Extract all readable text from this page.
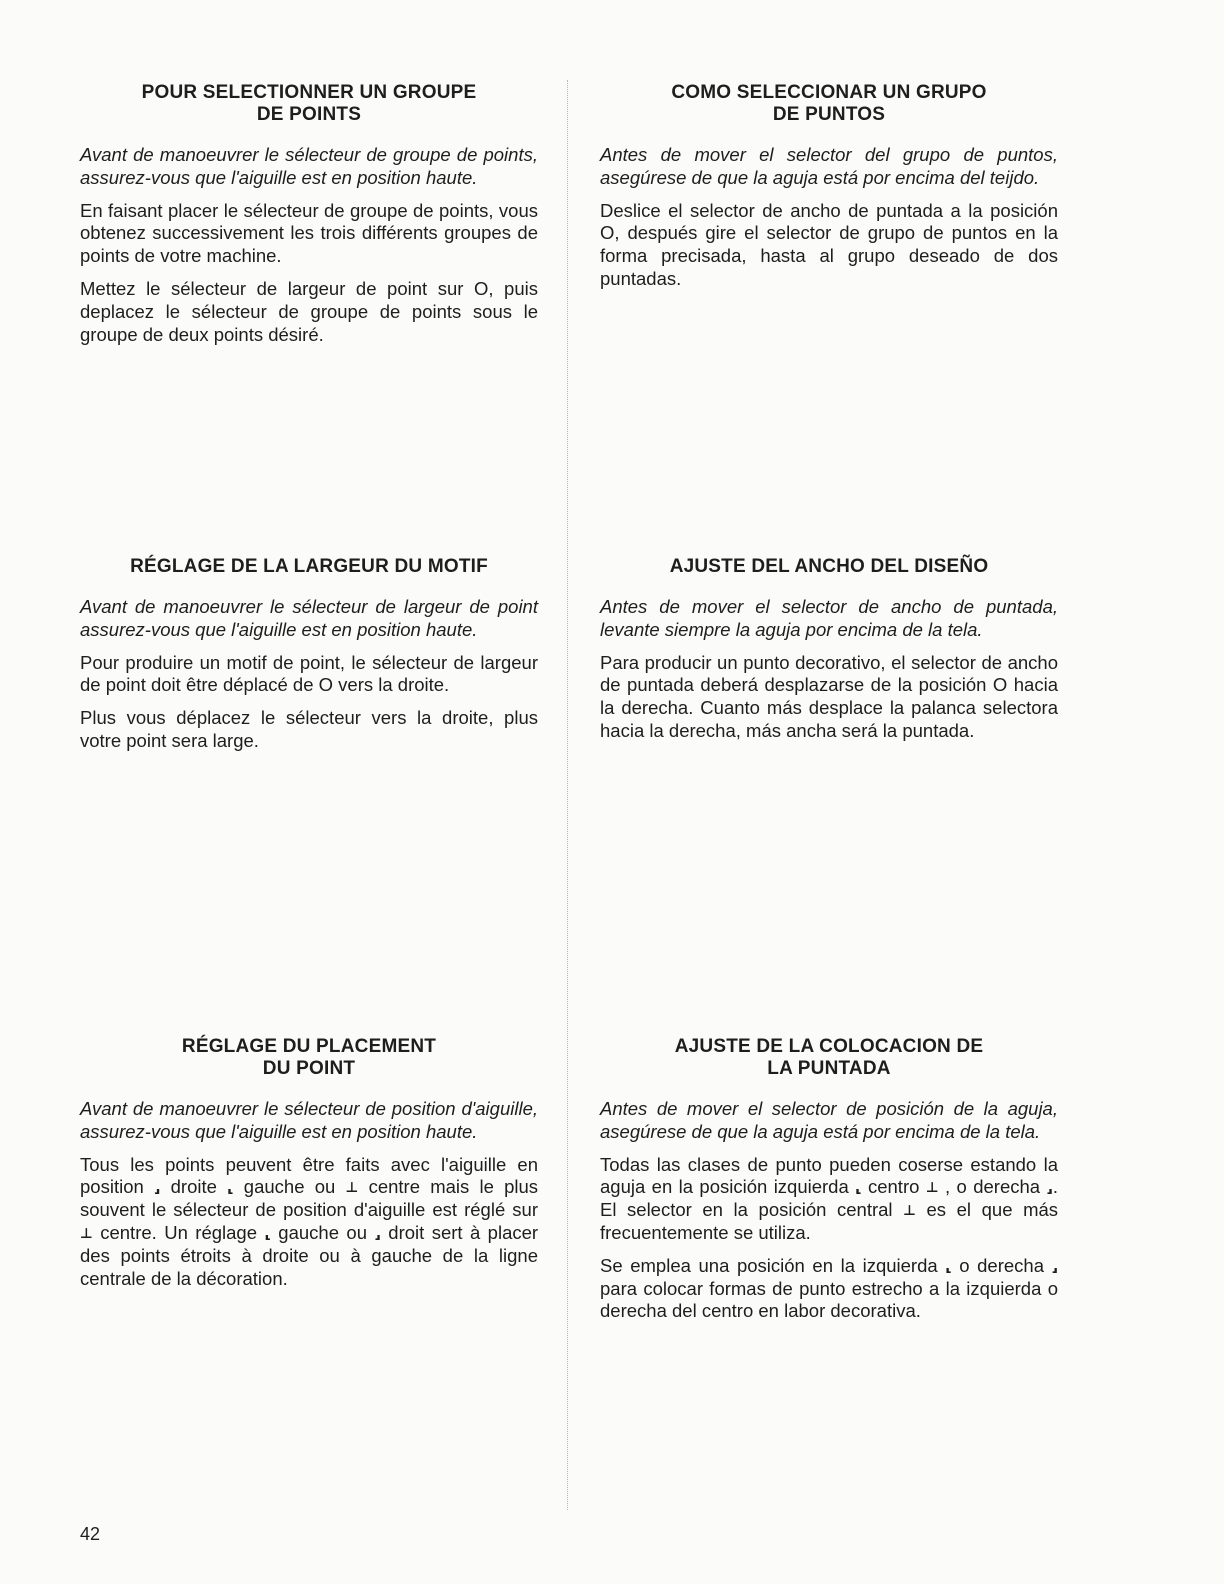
POUR SELECTIONNER UN GROUPE
DE POINTS

Avant de manoeuvrer le sélecteur de groupe de points, assurez-vous que l'aiguille est en position haute.

En faisant placer le sélecteur de groupe de points, vous obtenez successivement les trois différents groupes de points de votre machine.

Mettez le sélecteur de largeur de point sur O, puis deplacez le sélecteur de groupe de points sous le groupe de deux points désiré.

RÉGLAGE DE LA LARGEUR DU MOTIF

Avant de manoeuvrer le sélecteur de largeur de point assurez-vous que l'aiguille est en position haute.

Pour produire un motif de point, le sélecteur de largeur de point doit être déplacé de O vers la droite.

Plus vous déplacez le sélecteur vers la droite, plus votre point sera large.

RÉGLAGE DU PLACEMENT
DU POINT

Avant de manoeuvrer le sélecteur de position d'aiguille, assurez-vous que l'aiguille est en position haute.

Tous les points peuvent être faits avec l'aiguille en position ⸥ droite ⸤ gauche ou ⊥ centre mais le plus souvent le sélecteur de position d'aiguille est réglé sur ⊥ centre. Un réglage ⸤ gauche ou ⸥ droit sert à placer des points étroits à droite ou à gauche de la ligne centrale de la décoration.

COMO SELECCIONAR UN GRUPO
DE PUNTOS

Antes de mover el selector del grupo de puntos, asegúrese de que la aguja está por encima del teijdo.

Deslice el selector de ancho de puntada a la posición O, después gire el selector de grupo de puntos en la forma precisada, hasta al grupo deseado de dos puntadas.

AJUSTE DEL ANCHO DEL DISEÑO

Antes de mover el selector de ancho de puntada, levante siempre la aguja por encima de la tela.

Para producir un punto decorativo, el selector de ancho de puntada deberá desplazarse de la posición O hacia la derecha. Cuanto más desplace la palanca selectora hacia la derecha, más ancha será la puntada.

AJUSTE DE LA COLOCACION DE
LA PUNTADA

Antes de mover el selector de posición de la aguja, asegúrese de que la aguja está por encima de la tela.

Todas las clases de punto pueden coserse estando la aguja en la posición izquierda ⸤ centro ⊥ , o derecha ⸥. El selector en la posición central ⊥ es el que más frecuentemente se utiliza.

Se emplea una posición en la izquierda ⸤ o derecha ⸥ para colocar formas de punto estrecho a la izquierda o derecha del centro en labor decorativa.

42
